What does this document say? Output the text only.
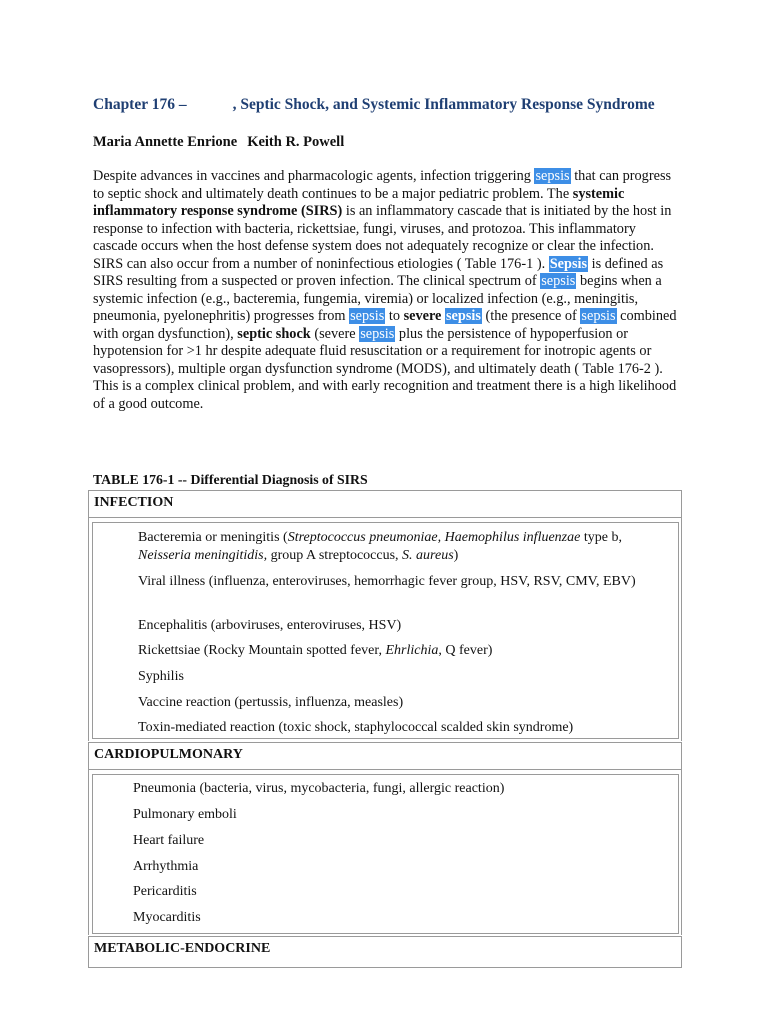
Chapter 176 –	, Septic Shock, and Systemic Inflammatory Response Syndrome
Maria Annette Enrione Keith R. Powell
Despite advances in vaccines and pharmacologic agents, infection triggering sepsis that can progress to septic shock and ultimately death continues to be a major pediatric problem. The systemic inflammatory response syndrome (SIRS) is an inflammatory cascade that is initiated by the host in response to infection with bacteria, rickettsiae, fungi, viruses, and protozoa. This inflammatory cascade occurs when the host defense system does not adequately recognize or clear the infection. SIRS can also occur from a number of noninfectious etiologies ( Table 176-1 ). Sepsis is defined as SIRS resulting from a suspected or proven infection. The clinical spectrum of sepsis begins when a systemic infection (e.g., bacteremia, fungemia, viremia) or localized infection (e.g., meningitis, pneumonia, pyelonephritis) progresses from sepsis to severe sepsis (the presence of sepsis combined with organ dysfunction), septic shock (severe sepsis plus the persistence of hypoperfusion or hypotension for >1 hr despite adequate fluid resuscitation or a requirement for inotropic agents or vasopressors), multiple organ dysfunction syndrome (MODS), and ultimately death ( Table 176-2 ). This is a complex clinical problem, and with early recognition and treatment there is a high likelihood of a good outcome.
TABLE 176-1 -- Differential Diagnosis of SIRS
INFECTION
Bacteremia or meningitis (Streptococcus pneumoniae, Haemophilus influenzae type b, Neisseria meningitidis, group A streptococcus, S. aureus)
Viral illness (influenza, enteroviruses, hemorrhagic fever group, HSV, RSV, CMV, EBV)
Encephalitis (arboviruses, enteroviruses, HSV)
Rickettsiae (Rocky Mountain spotted fever, Ehrlichia, Q fever)
Syphilis
Vaccine reaction (pertussis, influenza, measles)
Toxin-mediated reaction (toxic shock, staphylococcal scalded skin syndrome)
CARDIOPULMONARY
Pneumonia (bacteria, virus, mycobacteria, fungi, allergic reaction)
Pulmonary emboli
Heart failure
Arrhythmia
Pericarditis
Myocarditis
METABOLIC-ENDOCRINE
